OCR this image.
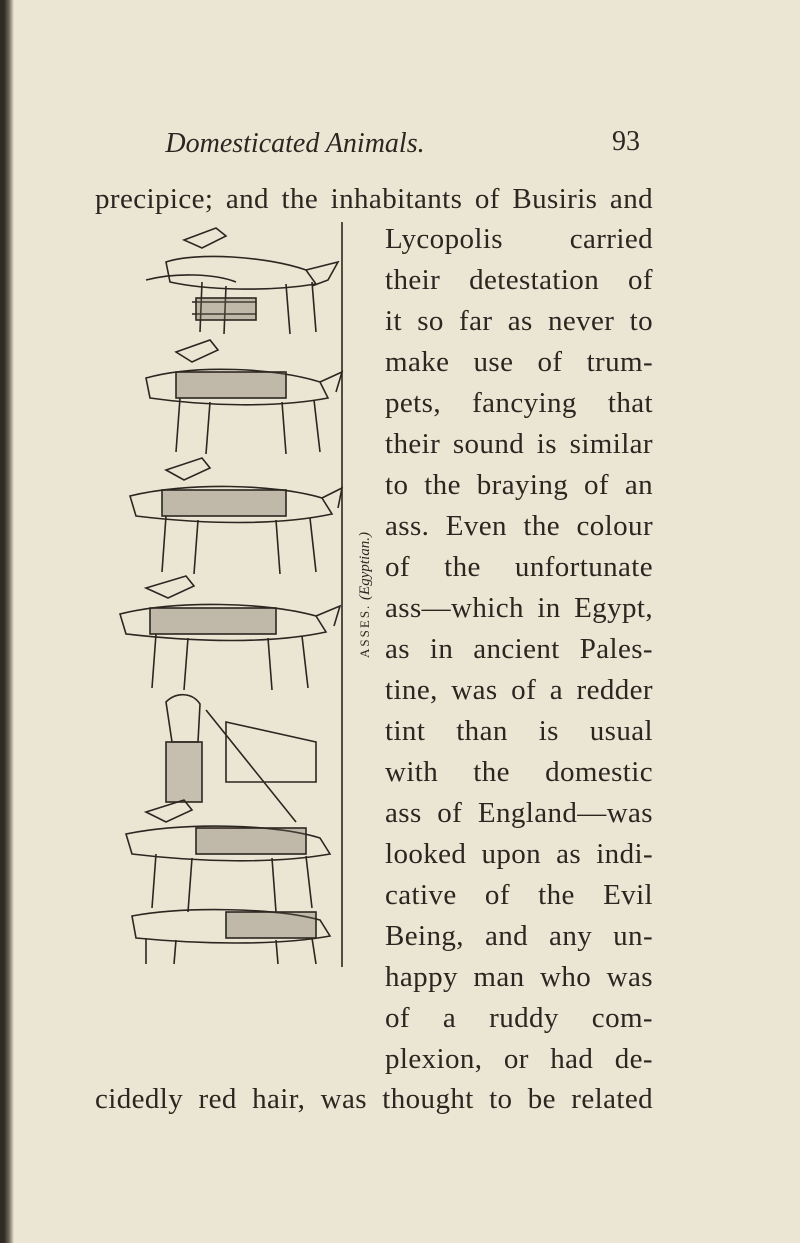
Domesticated Animals.	93
precipice; and the inhabitants of Busiris and
Lycopolis carried
their detestation of
it so far as never to
make use of trum-
pets, fancying that
their sound is similar
to the braying of an
ass. Even the colour
of the unfortunate
ass—which in Egypt,
as in ancient Pales-
tine, was of a redder
tint than is usual
with the domestic
ass of England—was
looked upon as indi-
cative of the Evil
Being, and any un-
happy man who was
of a ruddy com-
plexion, or had de-
cidedly red hair, was thought to be related
ASSES. (Egyptian.)
